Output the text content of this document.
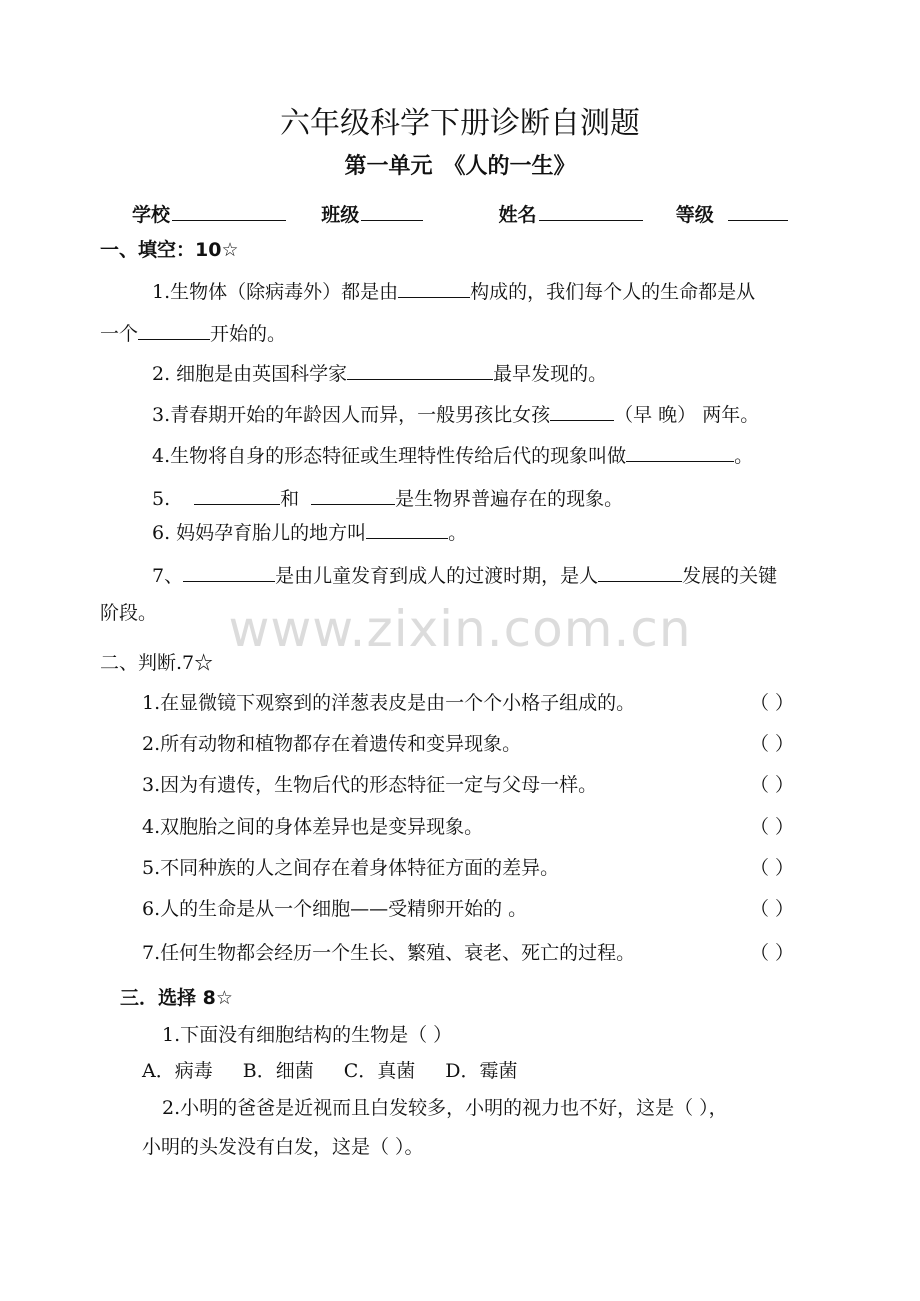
www.zixin.com.cn
六年级科学下册诊断自测题
第一单元　《人的一生》
学校	班级	姓名	等级
一、填空：10☆
1.生物体（除病毒外）都是由	构成的，我们每个人的生命都是从
一个	开始的。
2. 细胞是由英国科学家	最早发现的。
3.青春期开始的年龄因人而异，一般男孩比女孩	（早 晚） 两年。
4.生物将自身的形态特征或生理特性传给后代的现象叫做	。
5.	和	是生物界普遍存在的现象。
6. 妈妈孕育胎儿的地方叫	。
7、	是由儿童发育到成人的过渡时期，是人	发展的关键
阶段。
二、判断.7☆
1.在显微镜下观察到的洋葱表皮是由一个个小格子组成的。	（ ）
2.所有动物和植物都存在着遗传和变异现象。	（ ）
3.因为有遗传，生物后代的形态特征一定与父母一样。	（ ）
4.双胞胎之间的身体差异也是变异现象。	（ ）
5.不同种族的人之间存在着身体特征方面的差异。	（ ）
6.人的生命是从一个细胞——受精卵开始的 。	（ ）
7.任何生物都会经历一个生长、繁殖、衰老、死亡的过程。	（ ）
三．选择 8☆
1.下面没有细胞结构的生物是（ ）
A．病毒 B．细菌 C．真菌 D．霉菌
2.小明的爸爸是近视而且白发较多，小明的视力也不好，这是（ ），
小明的头发没有白发，这是（ ）。
